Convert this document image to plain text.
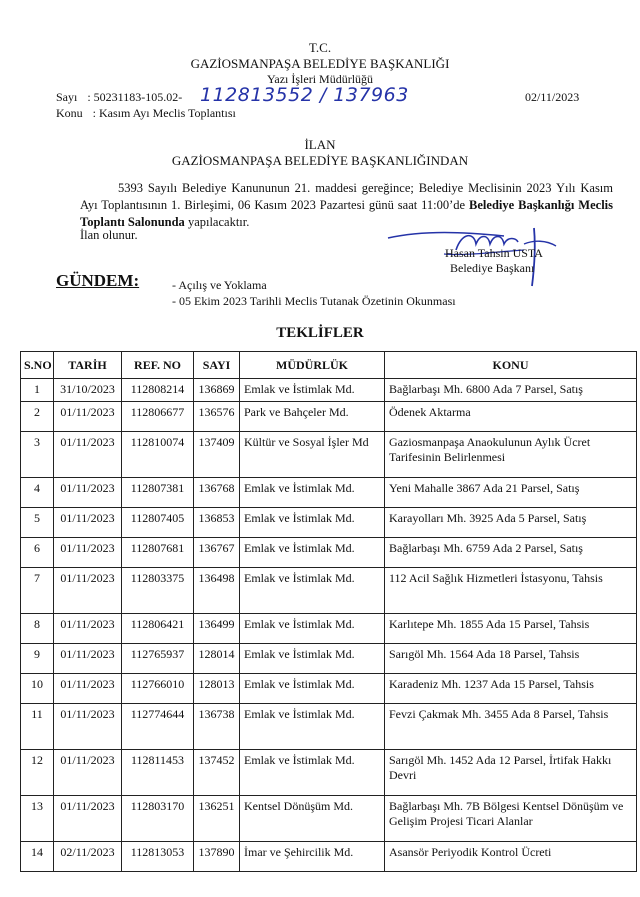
T.C.
GAZİOSMANPAŞA BELEDİYE BAŞKANLIĞI
Yazı İşleri Müdürlüğü
Sayı : 50231183-105.02- 112813552 / 137963	02/11/2023
Konu : Kasım Ayı Meclis Toplantısı
İLAN
GAZİOSMANPAŞA BELEDİYE BAŞKANLIĞINDAN
5393 Sayılı Belediye Kanununun 21. maddesi gereğince; Belediye Meclisinin 2023 Yılı Kasım Ayı Toplantısının 1. Birleşimi, 06 Kasım 2023 Pazartesi günü saat 11:00’de Belediye Başkanlığı Meclis Toplantı Salonunda yapılacaktır.
İlan olunur.
Hasan Tahsin USTA
Belediye Başkanı
GÜNDEM:	- Açılış ve Yoklama
- 05 Ekim 2023 Tarihli Meclis Tutanak Özetinin Okunması
TEKLİFLER
S.NO	TARİH	REF. NO	SAYI	MÜDÜRLÜK	KONU
1	31/10/2023	112808214	136869	Emlak ve İstimlak Md.	Bağlarbaşı Mh. 6800 Ada 7 Parsel, Satış
2	01/11/2023	112806677	136576	Park ve Bahçeler Md.	Ödenek Aktarma
3	01/11/2023	112810074	137409	Kültür ve Sosyal İşler Md	Gaziosmanpaşa Anaokulunun Aylık Ücret Tarifesinin Belirlenmesi
4	01/11/2023	112807381	136768	Emlak ve İstimlak Md.	Yeni Mahalle 3867 Ada 21 Parsel, Satış
5	01/11/2023	112807405	136853	Emlak ve İstimlak Md.	Karayolları Mh. 3925 Ada 5 Parsel, Satış
6	01/11/2023	112807681	136767	Emlak ve İstimlak Md.	Bağlarbaşı Mh. 6759 Ada 2 Parsel, Satış
7	01/11/2023	112803375	136498	Emlak ve İstimlak Md.	112 Acil Sağlık Hizmetleri İstasyonu, Tahsis
8	01/11/2023	112806421	136499	Emlak ve İstimlak Md.	Karlıtepe Mh. 1855 Ada 15 Parsel, Tahsis
9	01/11/2023	112765937	128014	Emlak ve İstimlak Md.	Sarıgöl Mh. 1564 Ada 18 Parsel, Tahsis
10	01/11/2023	112766010	128013	Emlak ve İstimlak Md.	Karadeniz Mh. 1237 Ada 15 Parsel, Tahsis
11	01/11/2023	112774644	136738	Emlak ve İstimlak Md.	Fevzi Çakmak Mh. 3455 Ada 8 Parsel, Tahsis
12	01/11/2023	112811453	137452	Emlak ve İstimlak Md.	Sarıgöl Mh. 1452 Ada 12 Parsel, İrtifak Hakkı Devri
13	01/11/2023	112803170	136251	Kentsel Dönüşüm Md.	Bağlarbaşı Mh. 7B Bölgesi Kentsel Dönüşüm ve Gelişim Projesi Ticari Alanlar
14	02/11/2023	112813053	137890	İmar ve Şehircilik Md.	Asansör Periyodik Kontrol Ücreti
